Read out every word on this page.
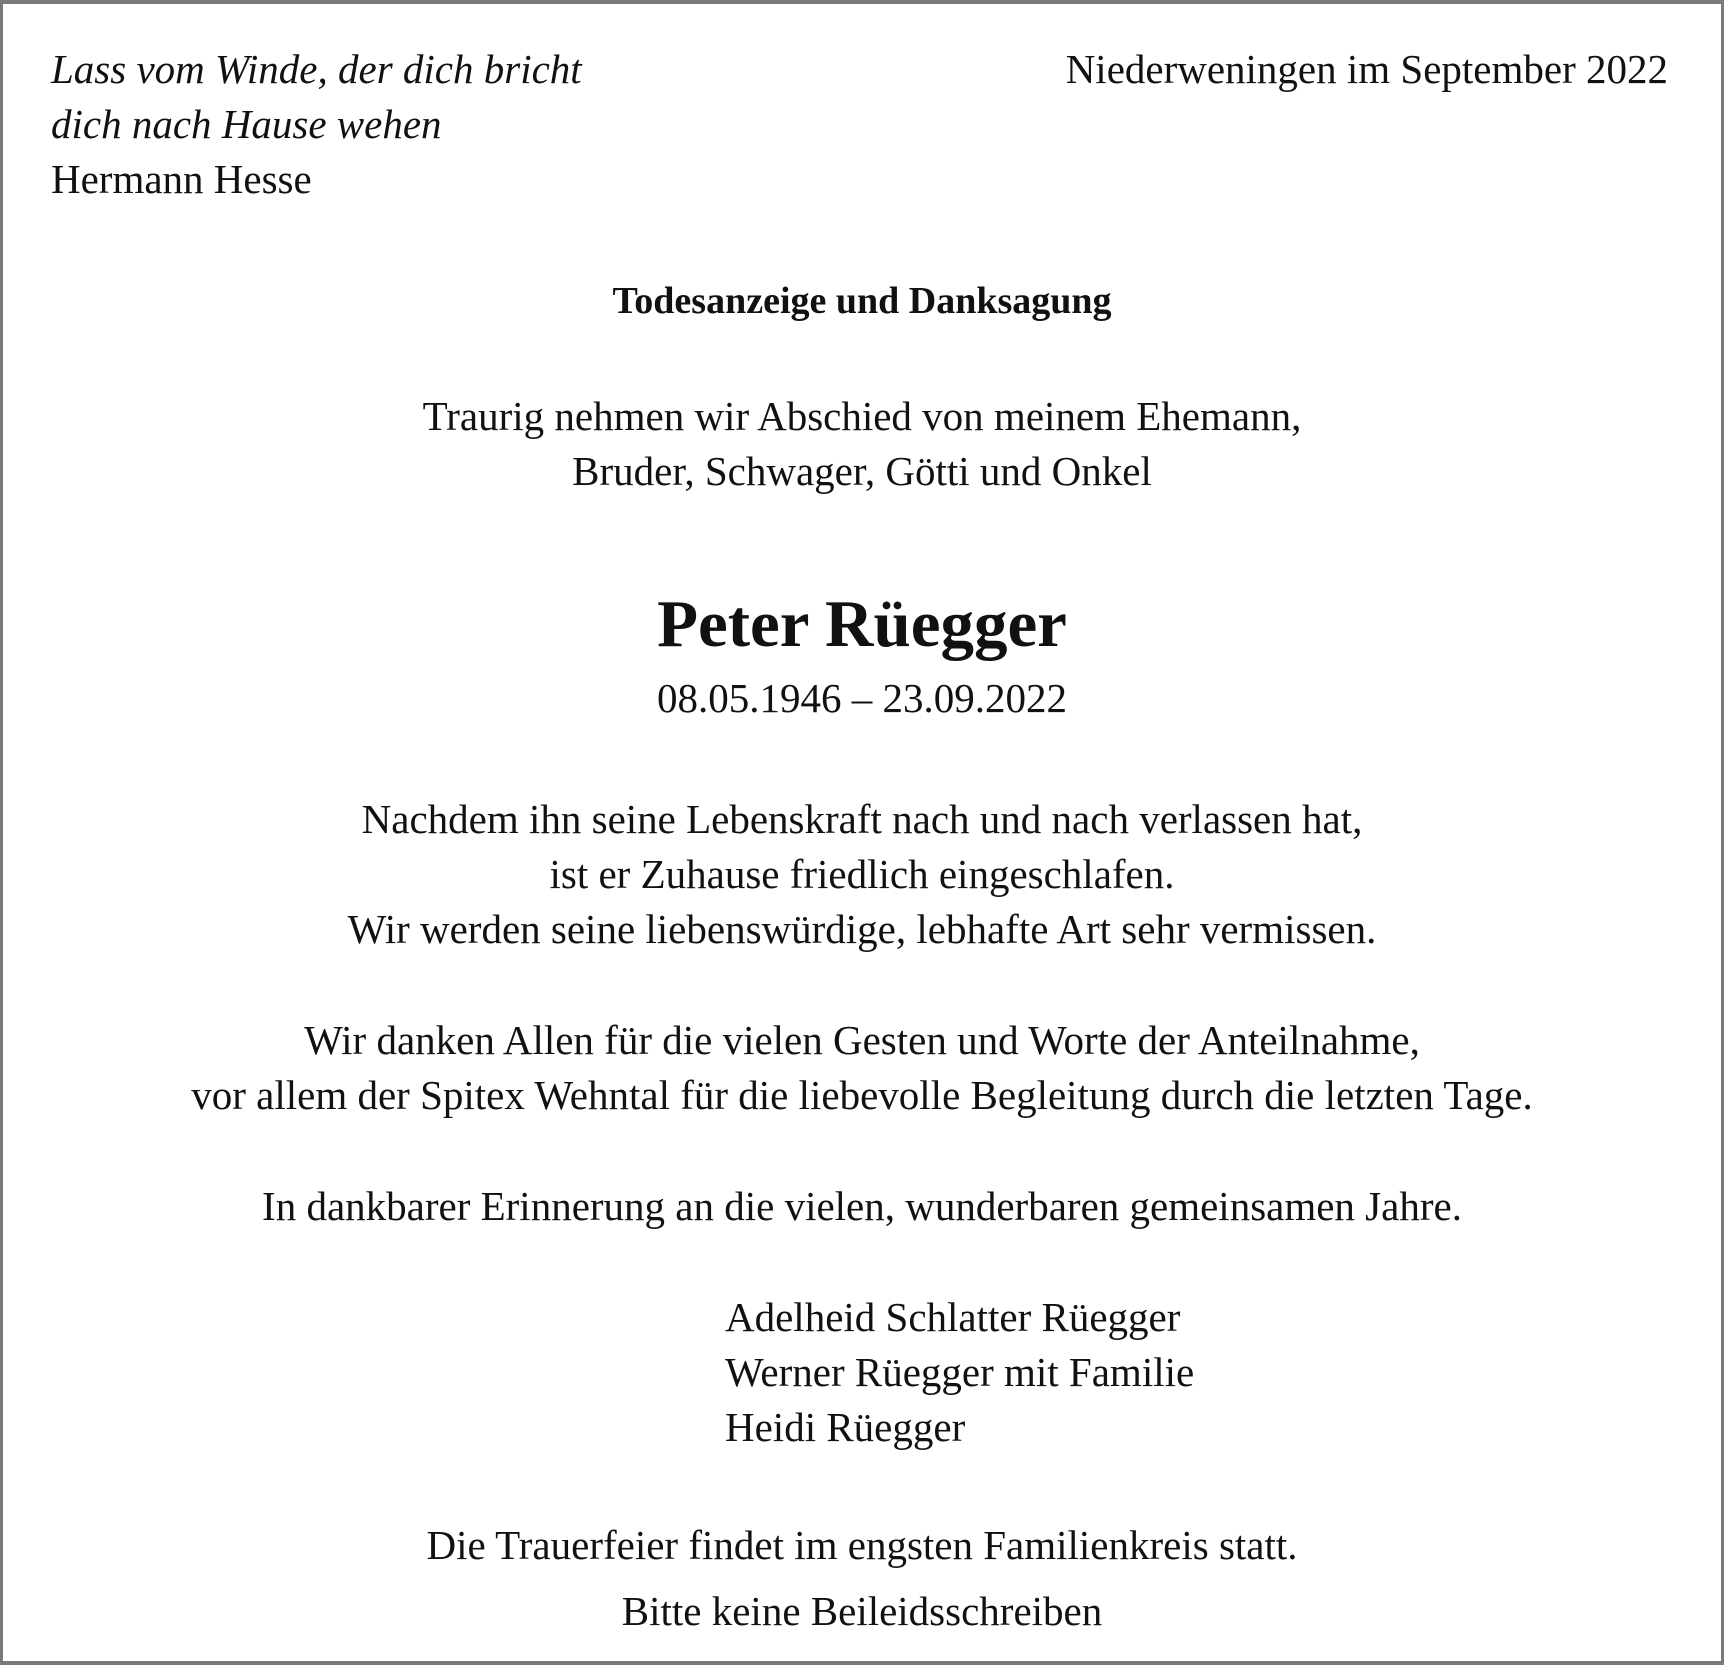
Lass vom Winde, der dich bricht
dich nach Hause wehen
Hermann Hesse
Niederweningen im September 2022
Todesanzeige und Danksagung
Traurig nehmen wir Abschied von meinem Ehemann,
Bruder, Schwager, Götti und Onkel
Peter Rüegger
08.05.1946 – 23.09.2022
Nachdem ihn seine Lebenskraft nach und nach verlassen hat,
ist er Zuhause friedlich eingeschlafen.
Wir werden seine liebenswürdige, lebhafte Art sehr vermissen.
Wir danken Allen für die vielen Gesten und Worte der Anteilnahme,
vor allem der Spitex Wehntal für die liebevolle Begleitung durch die letzten Tage.
In dankbarer Erinnerung an die vielen, wunderbaren gemeinsamen Jahre.
Adelheid Schlatter Rüegger
Werner Rüegger mit Familie
Heidi Rüegger
Die Trauerfeier findet im engsten Familienkreis statt.
Bitte keine Beileidsschreiben
